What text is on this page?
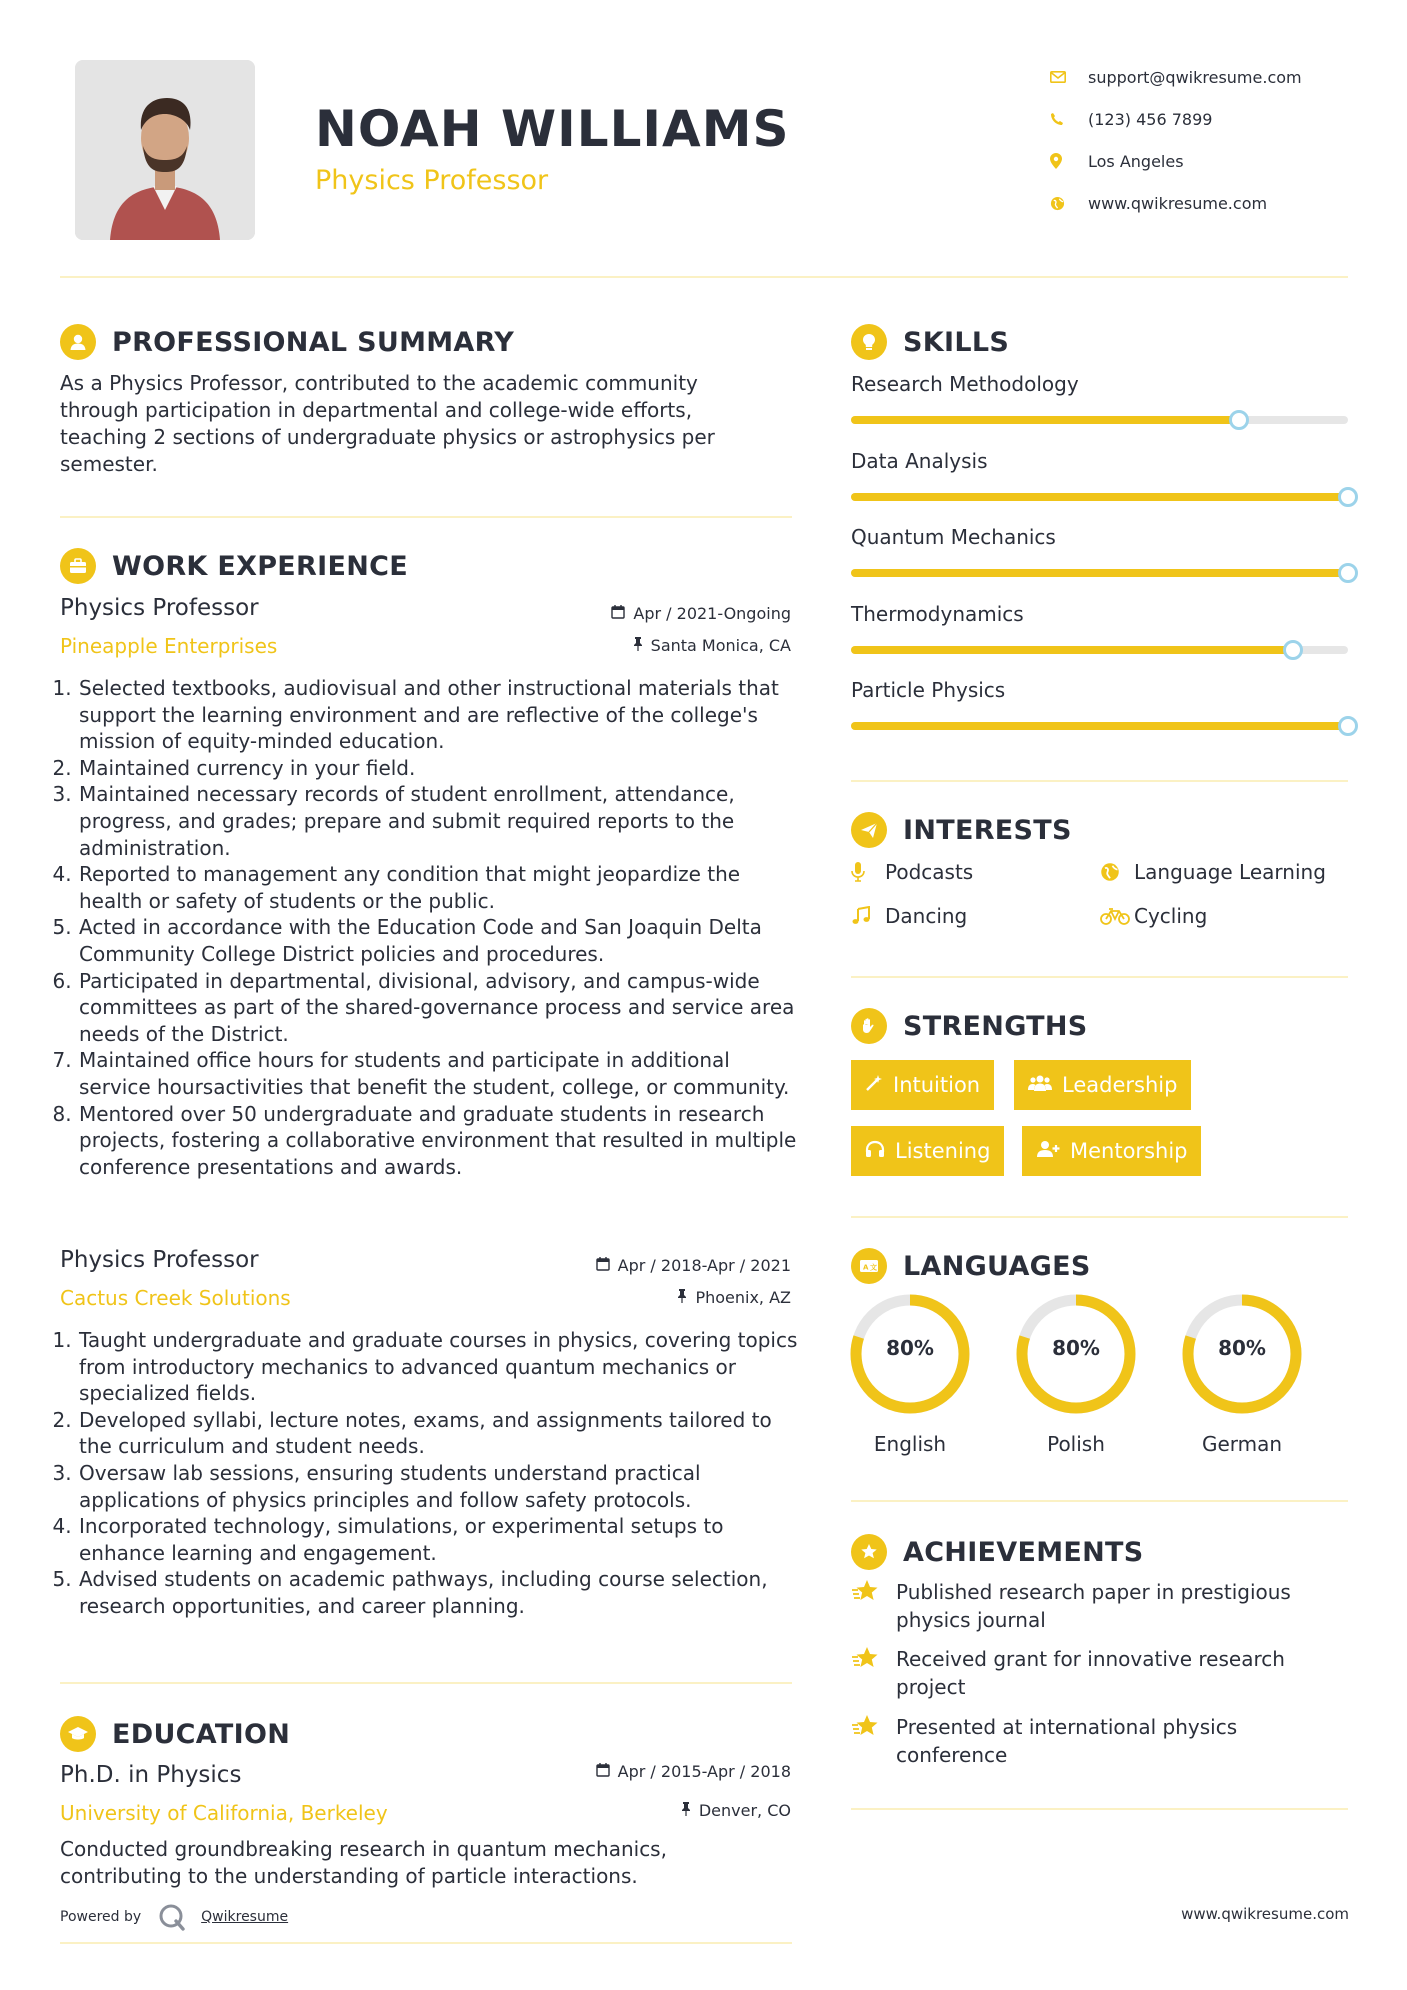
NOAH WILLIAMS
Physics Professor
support@qwikresume.com
(123) 456 7899
Los Angeles
www.qwikresume.com
PROFESSIONAL SUMMARY
As a Physics Professor, contributed to the academic community through participation in departmental and college-wide efforts, teaching 2 sections of undergraduate physics or astrophysics per semester.
WORK EXPERIENCE
Physics Professor
Pineapple Enterprises
Apr / 2021-Ongoing
Santa Monica, CA
1. Selected textbooks, audiovisual and other instructional materials that support the learning environment and are reflective of the college's mission of equity-minded education.
2. Maintained currency in your field.
3. Maintained necessary records of student enrollment, attendance, progress, and grades; prepare and submit required reports to the administration.
4. Reported to management any condition that might jeopardize the health or safety of students or the public.
5. Acted in accordance with the Education Code and San Joaquin Delta Community College District policies and procedures.
6. Participated in departmental, divisional, advisory, and campus-wide committees as part of the shared-governance process and service area needs of the District.
7. Maintained office hours for students and participate in additional service hoursactivities that benefit the student, college, or community.
8. Mentored over 50 undergraduate and graduate students in research projects, fostering a collaborative environment that resulted in multiple conference presentations and awards.
Physics Professor
Cactus Creek Solutions
Apr / 2018-Apr / 2021
Phoenix, AZ
1. Taught undergraduate and graduate courses in physics, covering topics from introductory mechanics to advanced quantum mechanics or specialized fields.
2. Developed syllabi, lecture notes, exams, and assignments tailored to the curriculum and student needs.
3. Oversaw lab sessions, ensuring students understand practical applications of physics principles and follow safety protocols.
4. Incorporated technology, simulations, or experimental setups to enhance learning and engagement.
5. Advised students on academic pathways, including course selection, research opportunities, and career planning.
EDUCATION
Ph.D. in Physics
University of California, Berkeley
Apr / 2015-Apr / 2018
Denver, CO
Conducted groundbreaking research in quantum mechanics, contributing to the understanding of particle interactions.
SKILLS
Research Methodology
Data Analysis
Quantum Mechanics
Thermodynamics
Particle Physics
INTERESTS
Podcasts	Language Learning
Dancing	Cycling
STRENGTHS
Intuition	Leadership
Listening	Mentorship
A 文 LANGUAGES
80%
English
80%
Polish
80%
German
ACHIEVEMENTS
Published research paper in prestigious physics journal
Received grant for innovative research project
Presented at international physics conference
Powered by	Qwikresume	www.qwikresume.com
